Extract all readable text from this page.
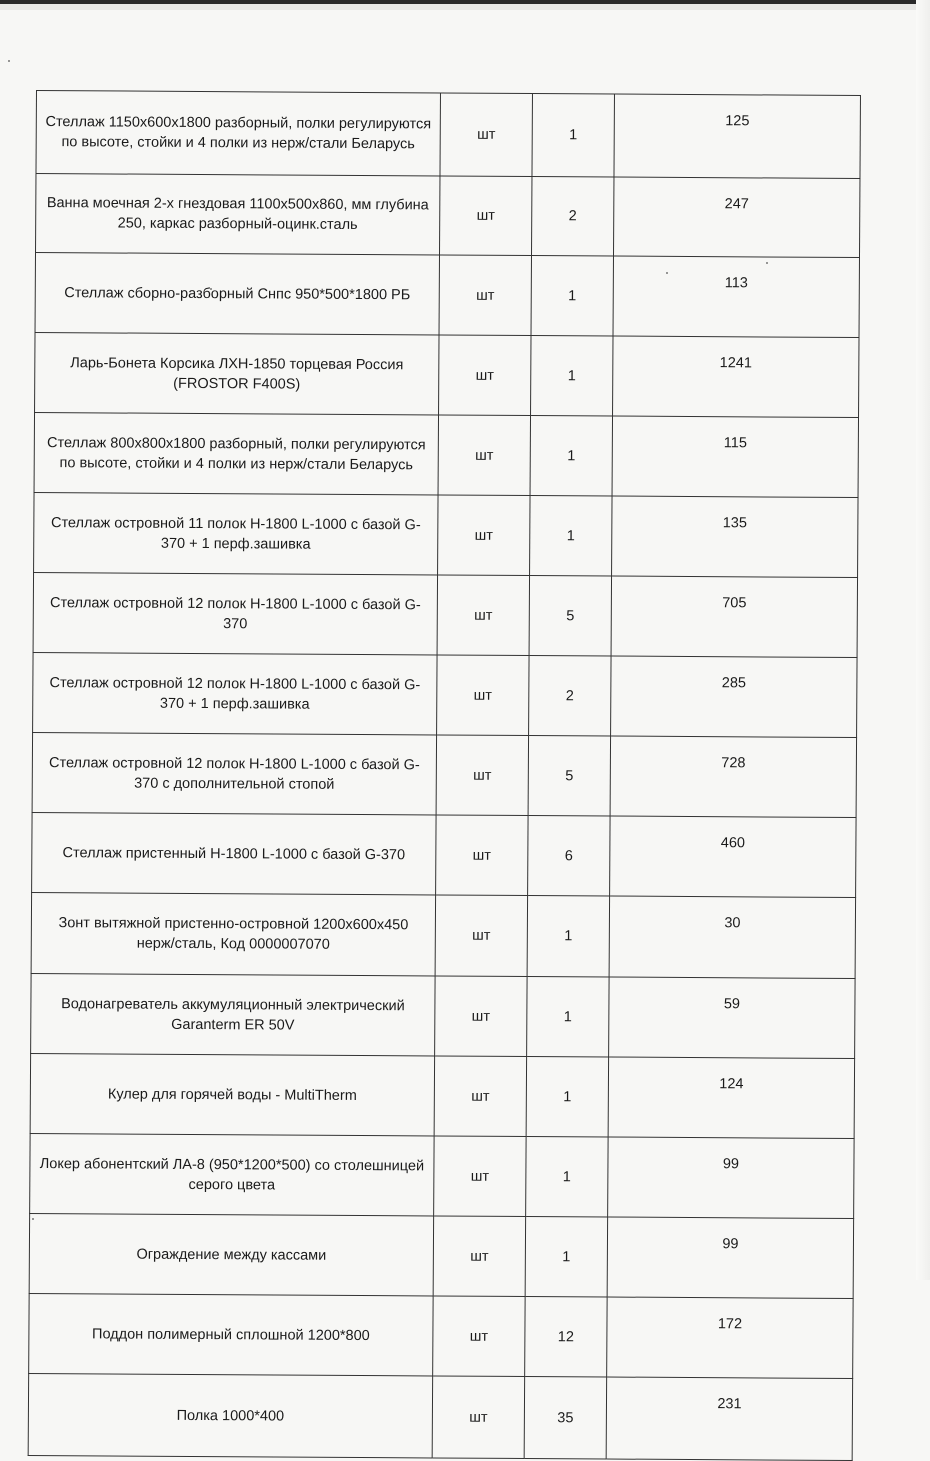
Стеллаж 1150х600х1800 разборный, полки регулируются по высоте, стойки и 4 полки из нерж/стали Беларусь	шт	1	125
Ванна моечная 2-х гнездовая 1100х500х860, мм глубина 250, каркас разборный-оцинк.сталь	шт	2	247
Стеллаж сборно-разборный Снпс 950*500*1800 РБ	шт	1	113
Ларь-Бонета Корсика ЛХН-1850 торцевая Россия (FROSTOR F400S)	шт	1	1241
Стеллаж 800х800х1800 разборный, полки регулируются по высоте, стойки и 4 полки из нерж/стали Беларусь	шт	1	115
Стеллаж островной 11 полок H-1800 L-1000 с базой G-370 + 1 перф.зашивка	шт	1	135
Стеллаж островной 12 полок H-1800 L-1000 с базой G-370	шт	5	705
Стеллаж островной 12 полок H-1800 L-1000 с базой G-370 + 1 перф.зашивка	шт	2	285
Стеллаж островной 12 полок H-1800 L-1000 с базой G-370 с дополнительной стопой	шт	5	728
Стеллаж пристенный H-1800 L-1000 с базой G-370	шт	6	460
Зонт вытяжной пристенно-островной 1200х600х450 нерж/сталь, Код 0000007070	шт	1	30
Водонагреватель аккумуляционный электрический Garanterm ER 50V	шт	1	59
Кулер для горячей воды - MultiTherm	шт	1	124
Локер абонентский ЛА-8 (950*1200*500) со столешницей серого цвета	шт	1	99
Ограждение между кассами	шт	1	99
Поддон полимерный сплошной 1200*800	шт	12	172
Полка 1000*400	шт	35	231
